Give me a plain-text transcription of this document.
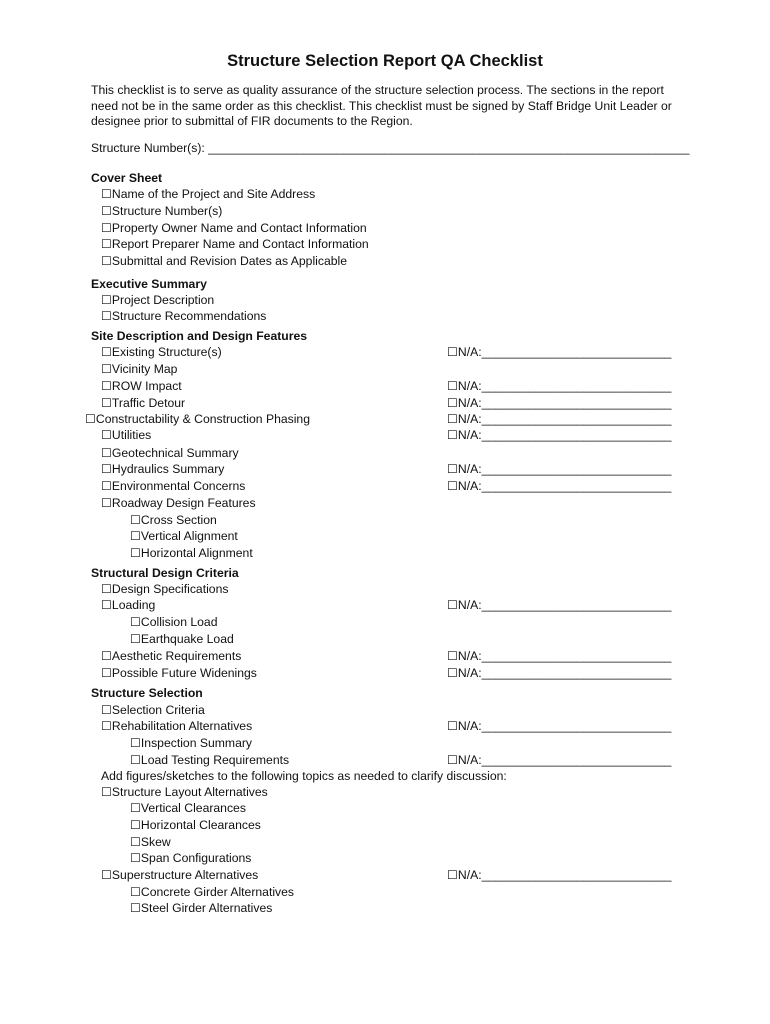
Structure Selection Report QA Checklist
This checklist is to serve as quality assurance of the structure selection process. The sections in the report need not be in the same order as this checklist. This checklist must be signed by Staff Bridge Unit Leader or designee prior to submittal of FIR documents to the Region.
Structure Number(s): _______________________________________________________________________
Cover Sheet
☐Name of the Project and Site Address
☐Structure Number(s)
☐Property Owner Name and Contact Information
☐Report Preparer Name and Contact Information
☐Submittal and Revision Dates as Applicable
Executive Summary
☐Project Description
☐Structure Recommendations
Site Description and Design Features
☐Existing Structure(s)	☐N/A:____________________________
☐Vicinity Map
☐ROW Impact	☐N/A:____________________________
☐Traffic Detour	☐N/A:____________________________
☐Constructability & Construction Phasing	☐N/A:____________________________
☐Utilities	☐N/A:____________________________
☐Geotechnical Summary
☐Hydraulics Summary	☐N/A:____________________________
☐Environmental Concerns	☐N/A:____________________________
☐Roadway Design Features
☐Cross Section
☐Vertical Alignment
☐Horizontal Alignment
Structural Design Criteria
☐Design Specifications
☐Loading	☐N/A:____________________________
☐Collision Load
☐Earthquake Load
☐Aesthetic Requirements	☐N/A:____________________________
☐Possible Future Widenings	☐N/A:____________________________
Structure Selection
☐Selection Criteria
☐Rehabilitation Alternatives	☐N/A:____________________________
☐Inspection Summary
☐Load Testing Requirements	☐N/A:____________________________
Add figures/sketches to the following topics as needed to clarify discussion:
☐Structure Layout Alternatives
☐Vertical Clearances
☐Horizontal Clearances
☐Skew
☐Span Configurations
☐Superstructure Alternatives	☐N/A:____________________________
☐Concrete Girder Alternatives
☐Steel Girder Alternatives
